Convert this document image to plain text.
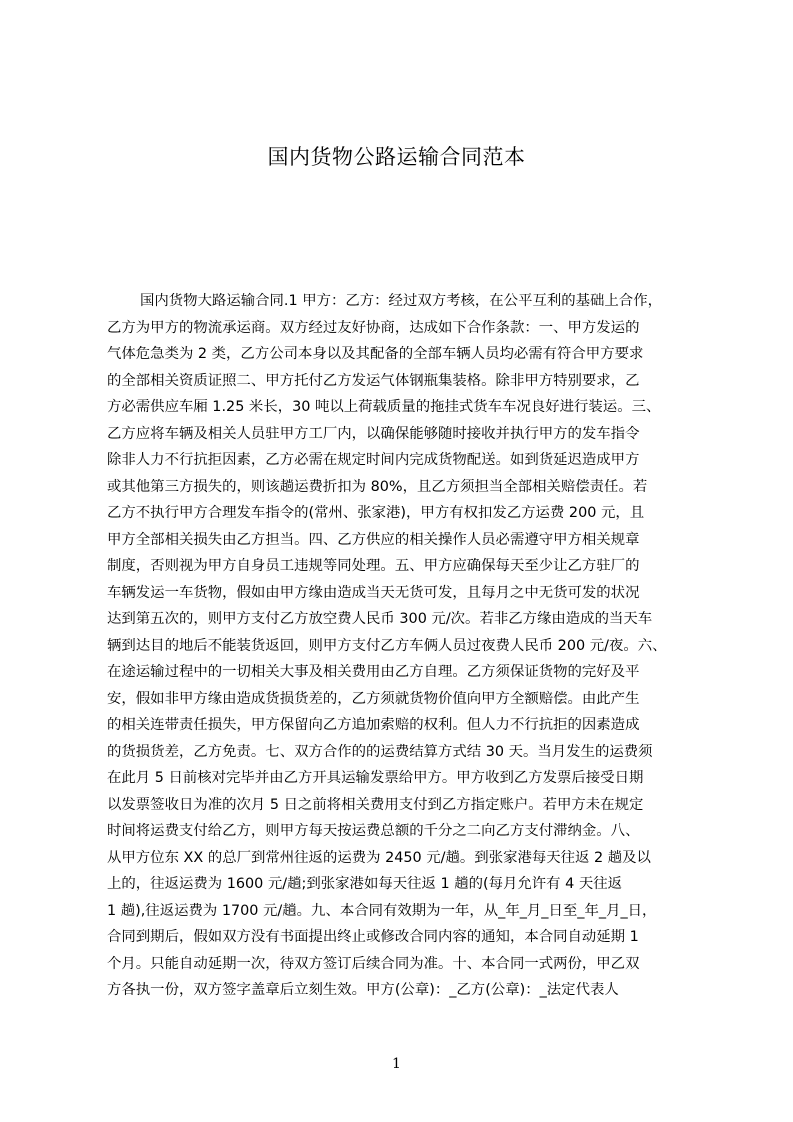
国内货物公路运输合同范本
国内货物大路运输合同.1 甲方：乙方：经过双方考核，在公平互利的基础上合作，
乙方为甲方的物流承运商。双方经过友好协商，达成如下合作条款：一、甲方发运的
气体危急类为 2 类，乙方公司本身以及其配备的全部车辆人员均必需有符合甲方要求
的全部相关资质证照二、甲方托付乙方发运气体钢瓶集装格。除非甲方特别要求，乙
方必需供应车厢 1.25 米长，30 吨以上荷载质量的拖挂式货车车况良好进行装运。三、
乙方应将车辆及相关人员驻甲方工厂内，以确保能够随时接收并执行甲方的发车指令
除非人力不行抗拒因素，乙方必需在规定时间内完成货物配送。如到货延迟造成甲方
或其他第三方损失的，则该趟运费折扣为 80%，且乙方须担当全部相关赔偿责任。若
乙方不执行甲方合理发车指令的(常州、张家港)，甲方有权扣发乙方运费 200 元，且
甲方全部相关损失由乙方担当。四、乙方供应的相关操作人员必需遵守甲方相关规章
制度，否则视为甲方自身员工违规等同处理。五、甲方应确保每天至少让乙方驻厂的
车辆发运一车货物，假如由甲方缘由造成当天无货可发，且每月之中无货可发的状况
达到第五次的，则甲方支付乙方放空费人民币 300 元/次。若非乙方缘由造成的当天车
辆到达目的地后不能装货返回，则甲方支付乙方车俩人员过夜费人民币 200 元/夜。六、
在途运输过程中的一切相关大事及相关费用由乙方自理。乙方须保证货物的完好及平
安，假如非甲方缘由造成货损货差的，乙方须就货物价值向甲方全额赔偿。由此产生
的相关连带责任损失，甲方保留向乙方追加索赔的权利。但人力不行抗拒的因素造成
的货损货差，乙方免责。七、双方合作的的运费结算方式结 30 天。当月发生的运费须
在此月 5 日前核对完毕并由乙方开具运输发票给甲方。甲方收到乙方发票后接受日期
以发票签收日为准的次月 5 日之前将相关费用支付到乙方指定账户。若甲方未在规定
时间将运费支付给乙方，则甲方每天按运费总额的千分之二向乙方支付滞纳金。八、
从甲方位东 XX 的总厂到常州往返的运费为 2450 元/趟。到张家港每天往返 2 趟及以
上的，往返运费为 1600 元/趟;到张家港如每天往返 1 趟的(每月允许有 4 天往返
1 趟),往返运费为 1700 元/趟。九、本合同有效期为一年，从_年_月_日至_年_月_日，
合同到期后，假如双方没有书面提出终止或修改合同内容的通知，本合同自动延期 1
个月。只能自动延期一次，待双方签订后续合同为准。十、本合同一式两份，甲乙双
方各执一份，双方签字盖章后立刻生效。甲方(公章)：_乙方(公章)：_法定代表人
1
